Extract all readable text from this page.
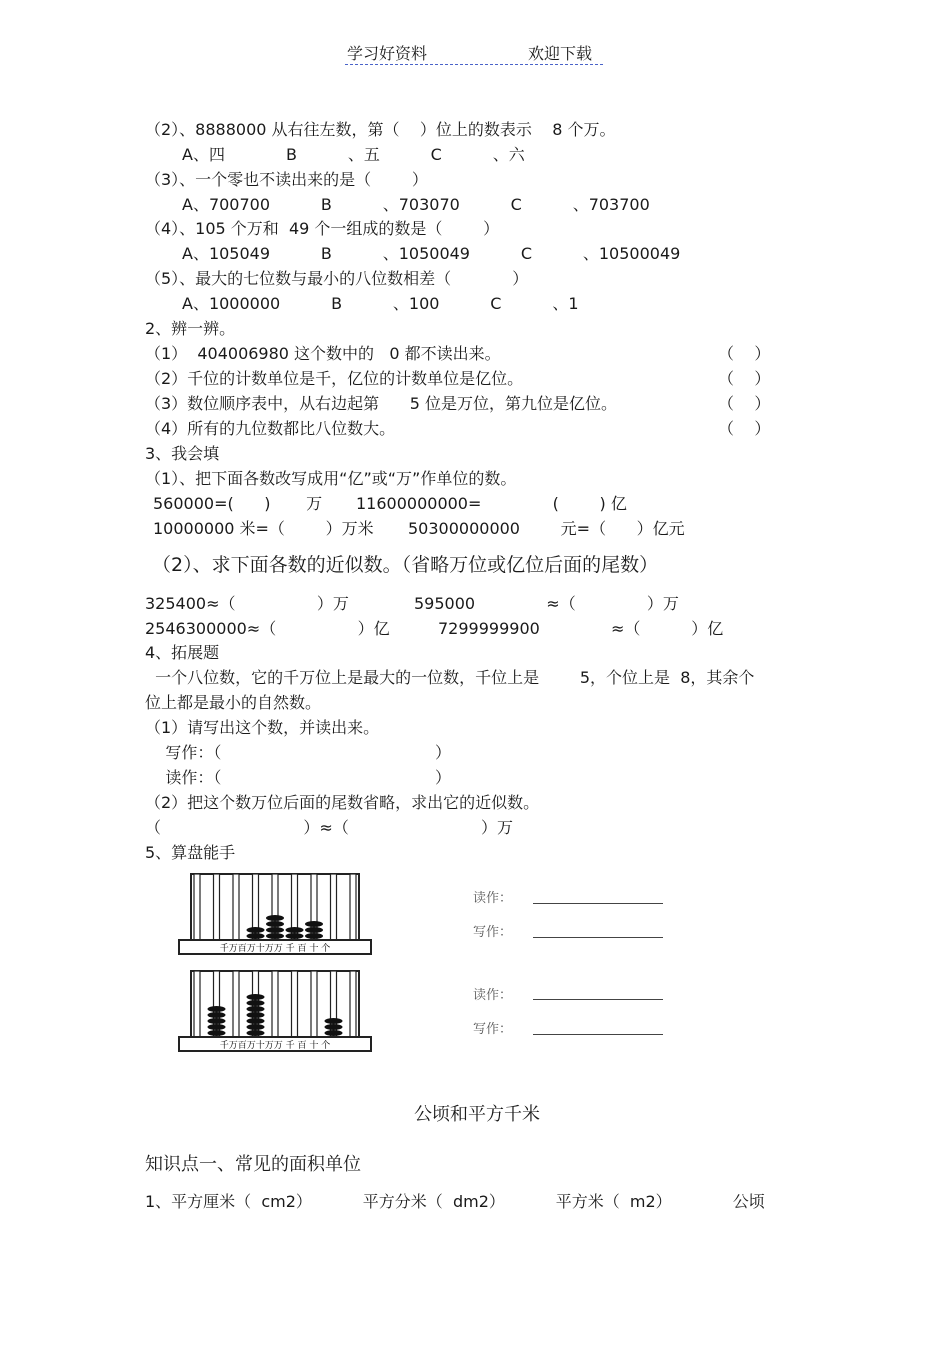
学习好资料	欢迎下载
（2）、8888000 从右往左数，第（    ）位上的数表示    8 个万。
A、四            B          、五          C          、六
（3）、一个零也不读出来的是（        ）
A、700700          B          、703070          C          、703700
（4）、105 个万和  49 个一组成的数是（        ）
A、105049          B          、1050049          C          、10500049
（5）、最大的七位数与最小的八位数相差（            ）
A、1000000          B          、100          C          、1
2、辨一辨。
（1）  404006980 这个数中的   0 都不读出来。	（    ）
（2）千位的计数单位是千，亿位的计数单位是亿位。	（    ）
（3）数位顺序表中，从右边起第      5 位是万位，第九位是亿位。	（    ）
（4）所有的九位数都比八位数大。	（    ）
3、我会填
（1）、把下面各数改写成用“亿”或“万”作单位的数。
560000=(      )       万 11600000000=              (        ) 亿
10000000 米=（        ）万米 50300000000        元=（      ）亿元
（2）、求下面各数的近似数。（省略万位或亿位后面的尾数）
325400≈（                ）万	595000              ≈（              ）万
2546300000≈（                ）亿	7299999900              ≈（          ）亿
4、拓展题
一个八位数，它的千万位上是最大的一位数，千位上是        5，个位上是  8，其余个
位上都是最小的自然数。
（1）请写出这个数，并读出来。
写作：（                                          ）
读作：（                                          ）
（2）把这个数万位后面的尾数省略，求出它的近似数。
（                            ）≈（                          ）万
5、算盘能手
千万百万十万万 千 百 十 个
千万百万十万万 千 百 十 个
读作：
写作：
读作：
写作：
公顷和平方千米
知识点一、常见的面积单位
1、平方厘米（  cm2）          平方分米（  dm2）          平方米（  m2）            公顷
